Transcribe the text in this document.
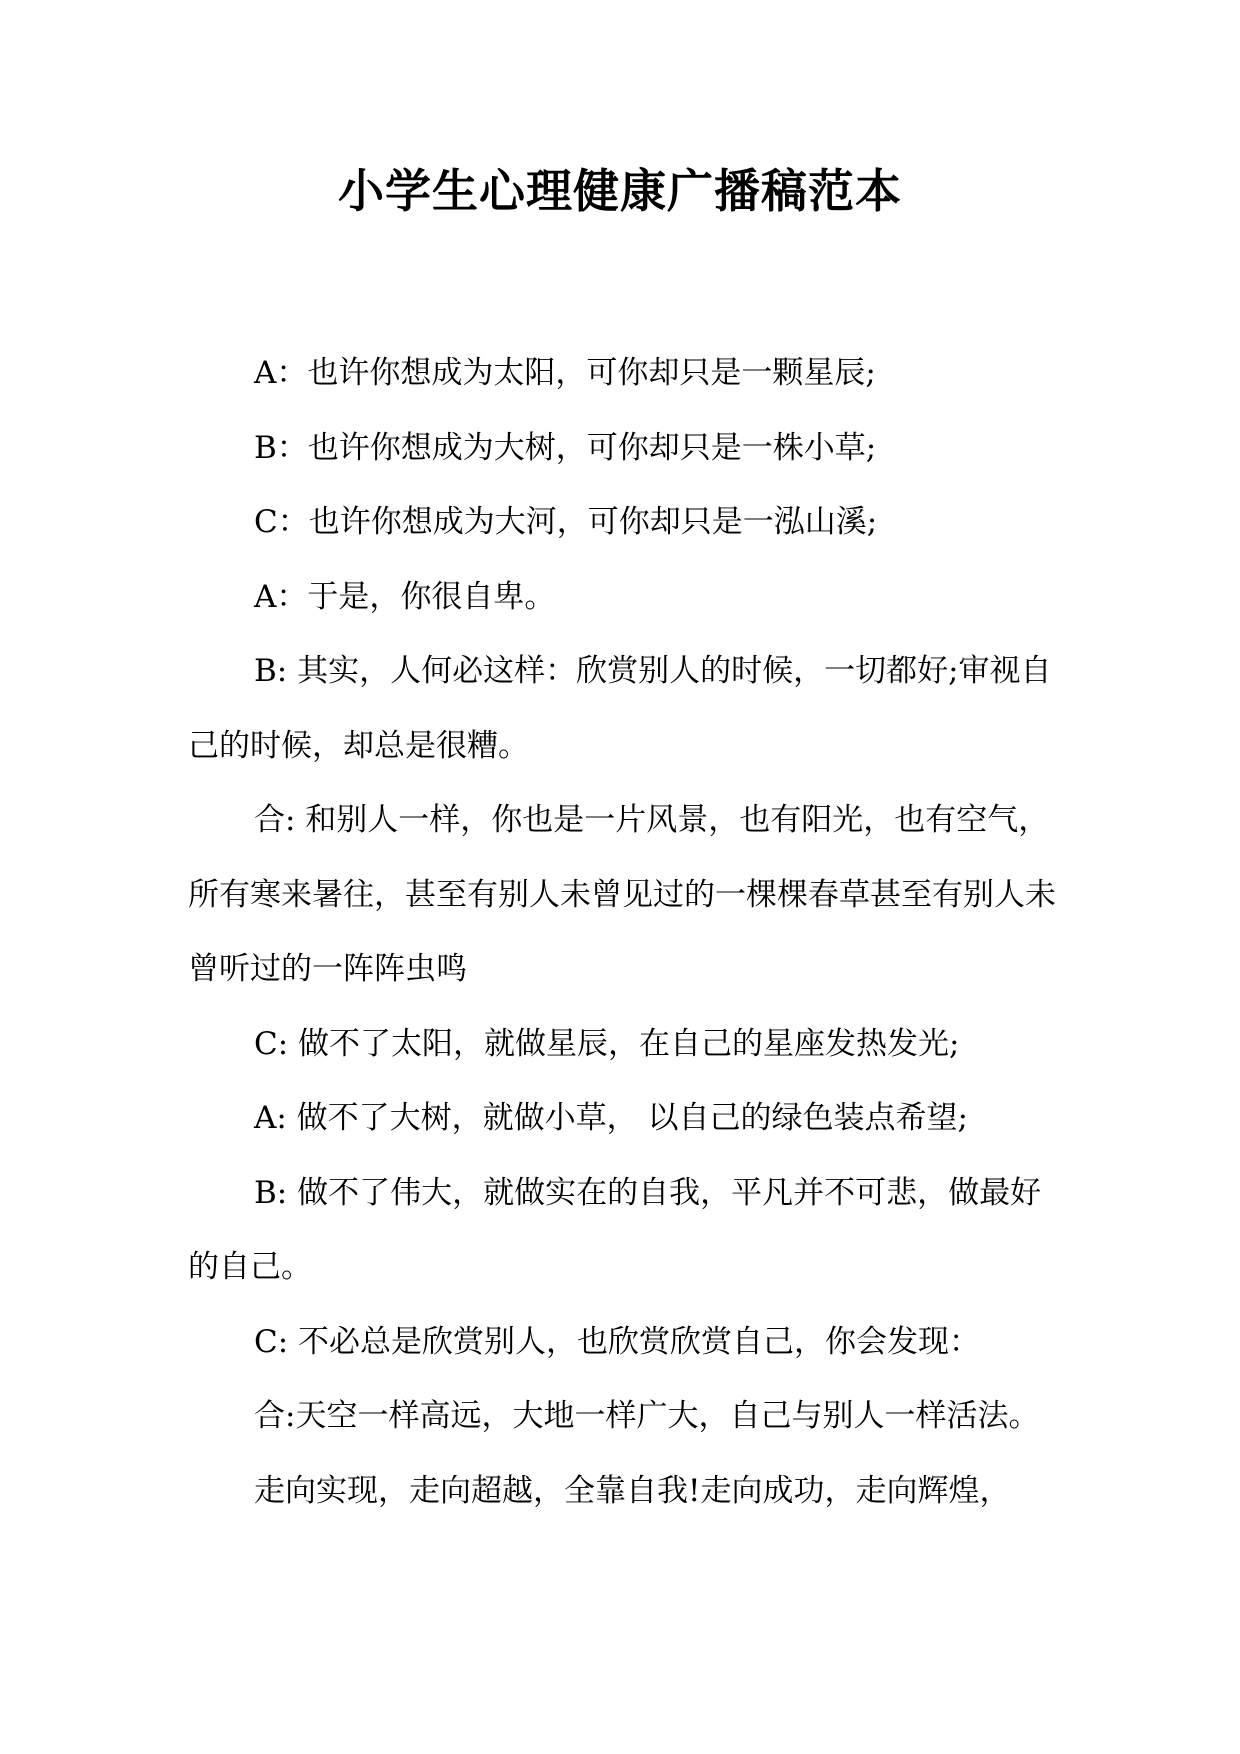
小学生心理健康广播稿范本

A：也许你想成为太阳，可你却只是一颗星辰;

B：也许你想成为大树，可你却只是一株小草;

C：也许你想成为大河，可你却只是一泓山溪;

A：于是，你很自卑。

B: 其实，人何必这样：欣赏别人的时候，一切都好;审视自己的时候，却总是很糟。

合: 和别人一样，你也是一片风景，也有阳光，也有空气，所有寒来暑往，甚至有别人未曾见过的一棵棵春草甚至有别人未曾听过的一阵阵虫鸣

C: 做不了太阳，就做星辰，在自己的星座发热发光;

A: 做不了大树，就做小草， 以自己的绿色装点希望;

B: 做不了伟大，就做实在的自我，平凡并不可悲，做最好的自己。

C: 不必总是欣赏别人，也欣赏欣赏自己，你会发现：

合:天空一样高远，大地一样广大，自己与别人一样活法。

走向实现，走向超越，全靠自我!走向成功，走向辉煌，
